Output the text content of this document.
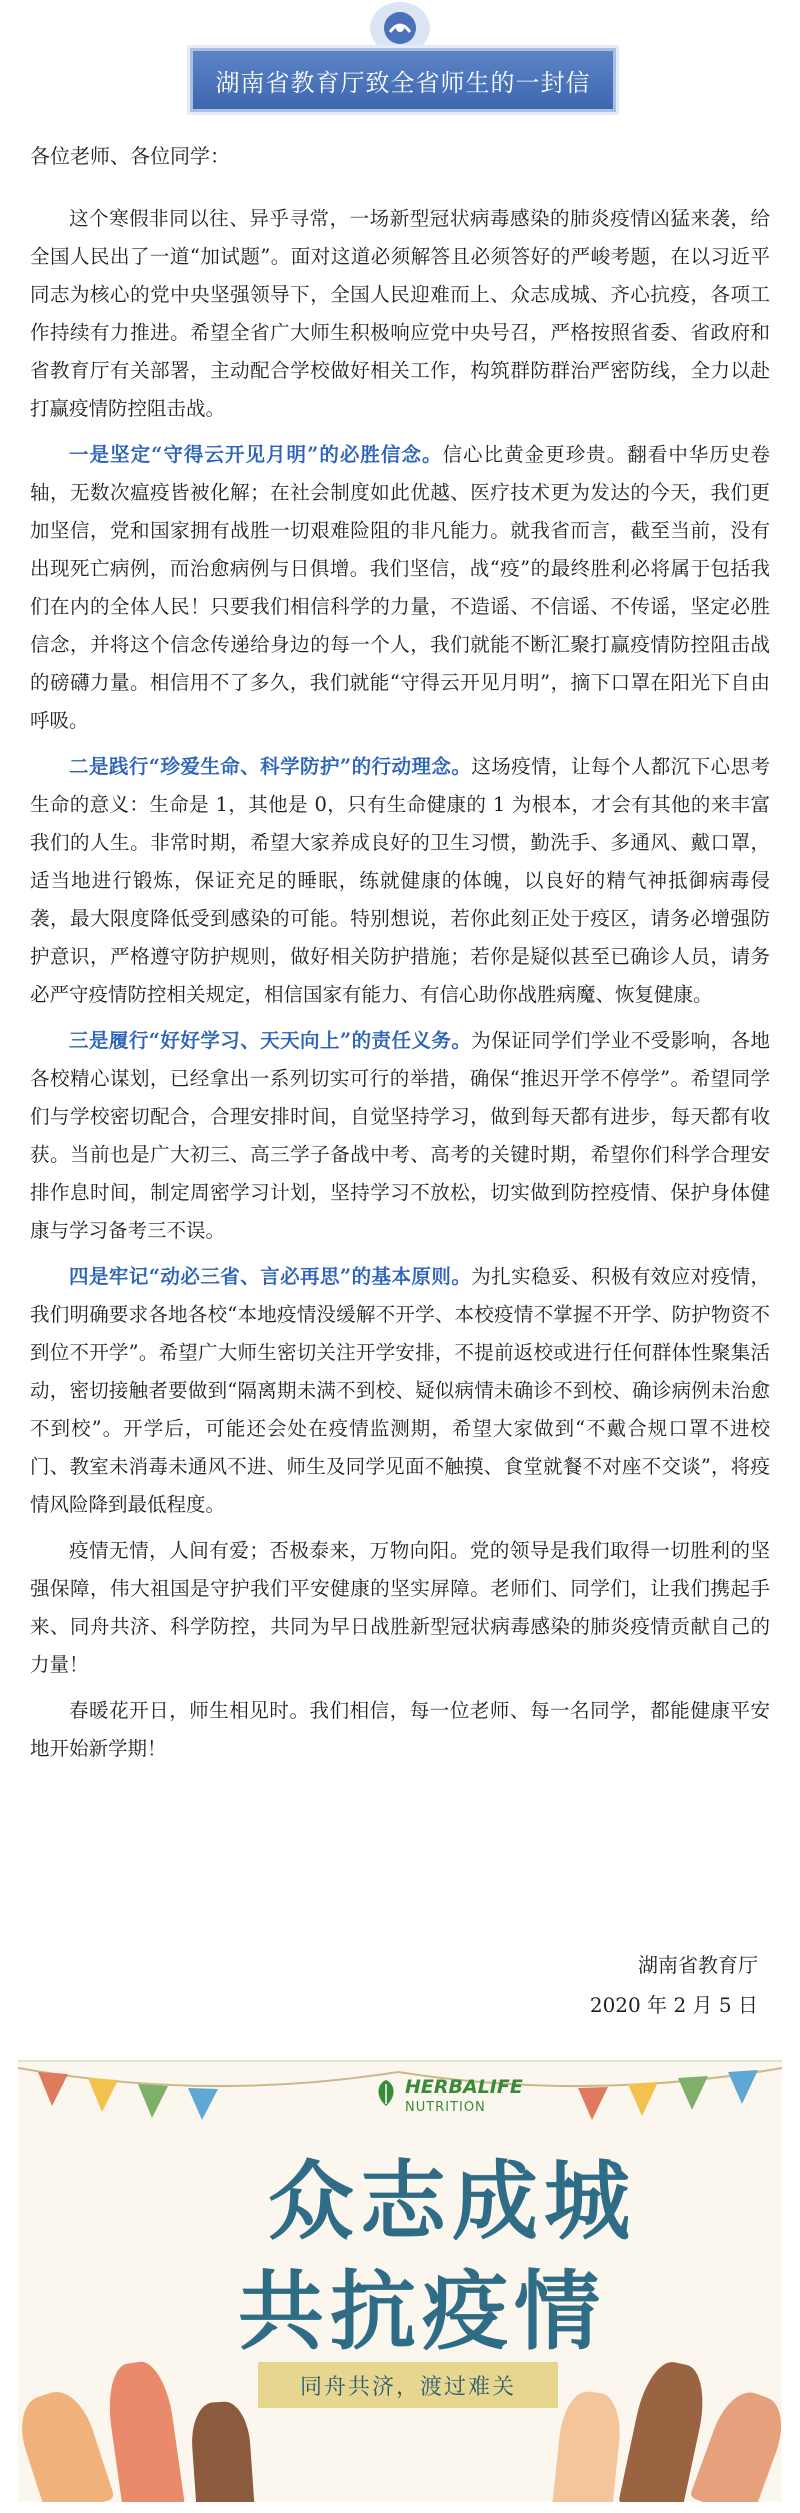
湖南省教育厅致全省师生的一封信
各位老师、各位同学：

这个寒假非同以往、异乎寻常，一场新型冠状病毒感染的肺炎疫情凶猛来袭，给全国人民出了一道“加试题”。面对这道必须解答且必须答好的严峻考题，在以习近平同志为核心的党中央坚强领导下，全国人民迎难而上、众志成城、齐心抗疫，各项工作持续有力推进。希望全省广大师生积极响应党中央号召，严格按照省委、省政府和省教育厅有关部署，主动配合学校做好相关工作，构筑群防群治严密防线，全力以赴打赢疫情防控阻击战。

一是坚定“守得云开见月明”的必胜信念。信心比黄金更珍贵。翻看中华历史卷轴，无数次瘟疫皆被化解；在社会制度如此优越、医疗技术更为发达的今天，我们更加坚信，党和国家拥有战胜一切艰难险阻的非凡能力。就我省而言，截至当前，没有出现死亡病例，而治愈病例与日俱增。我们坚信，战“疫”的最终胜利必将属于包括我们在内的全体人民！只要我们相信科学的力量，不造谣、不信谣、不传谣，坚定必胜信念，并将这个信念传递给身边的每一个人，我们就能不断汇聚打赢疫情防控阻击战的磅礴力量。相信用不了多久，我们就能“守得云开见月明”，摘下口罩在阳光下自由呼吸。

二是践行“珍爱生命、科学防护”的行动理念。这场疫情，让每个人都沉下心思考生命的意义：生命是 1，其他是 0，只有生命健康的 1 为根本，才会有其他的来丰富我们的人生。非常时期，希望大家养成良好的卫生习惯，勤洗手、多通风、戴口罩，适当地进行锻炼，保证充足的睡眠，练就健康的体魄，以良好的精气神抵御病毒侵袭，最大限度降低受到感染的可能。特别想说，若你此刻正处于疫区，请务必增强防护意识，严格遵守防护规则，做好相关防护措施；若你是疑似甚至已确诊人员，请务必严守疫情防控相关规定，相信国家有能力、有信心助你战胜病魔、恢复健康。

三是履行“好好学习、天天向上”的责任义务。为保证同学们学业不受影响，各地各校精心谋划，已经拿出一系列切实可行的举措，确保“推迟开学不停学”。希望同学们与学校密切配合，合理安排时间，自觉坚持学习，做到每天都有进步，每天都有收获。当前也是广大初三、高三学子备战中考、高考的关键时期，希望你们科学合理安排作息时间，制定周密学习计划，坚持学习不放松，切实做到防控疫情、保护身体健康与学习备考三不误。

四是牢记“动必三省、言必再思”的基本原则。为扎实稳妥、积极有效应对疫情，我们明确要求各地各校“本地疫情没缓解不开学、本校疫情不掌握不开学、防护物资不到位不开学”。希望广大师生密切关注开学安排，不提前返校或进行任何群体性聚集活动，密切接触者要做到“隔离期未满不到校、疑似病情未确诊不到校、确诊病例未治愈不到校”。开学后，可能还会处在疫情监测期，希望大家做到“不戴合规口罩不进校门、教室未消毒未通风不进、师生及同学见面不触摸、食堂就餐不对座不交谈”，将疫情风险降到最低程度。

疫情无情，人间有爱；否极泰来，万物向阳。党的领导是我们取得一切胜利的坚强保障，伟大祖国是守护我们平安健康的坚实屏障。老师们、同学们，让我们携起手来、同舟共济、科学防控，共同为早日战胜新型冠状病毒感染的肺炎疫情贡献自己的力量！

春暖花开日，师生相见时。我们相信，每一位老师、每一名同学，都能健康平安地开始新学期！

湖南省教育厅
2020 年 2 月 5 日
HERBALIFE
NUTRITION
众志成城
共抗疫情
同舟共济，渡过难关
